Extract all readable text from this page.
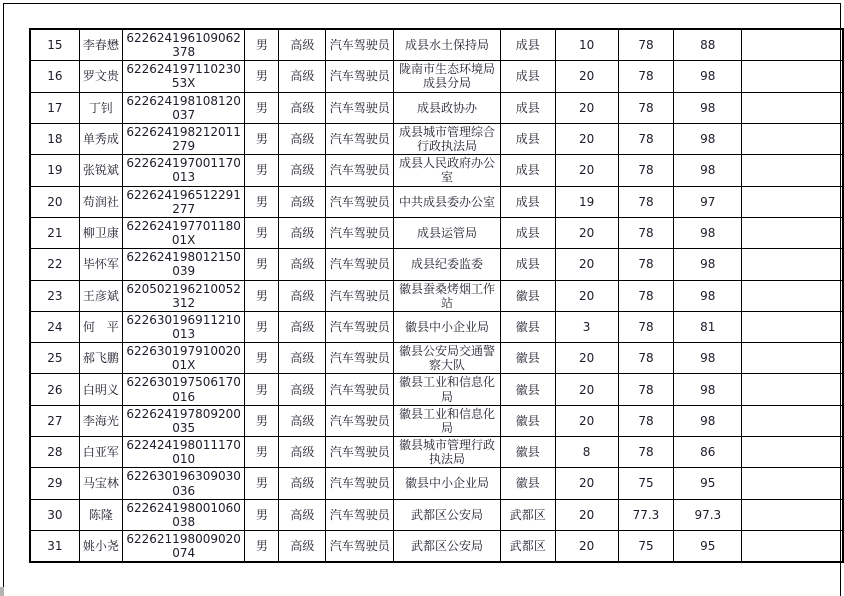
15	李春懋	622624196109062378	男	高级	汽车驾驶员	成县水土保持局	成县	10	78	88	
16	罗文贵	62262419711023053X	男	高级	汽车驾驶员	陇南市生态环境局成县分局	成县	20	78	98	
17	丁钊	622624198108120037	男	高级	汽车驾驶员	成县政协办	成县	20	78	98	
18	单秀成	622624198212011279	男	高级	汽车驾驶员	成县城市管理综合行政执法局	成县	20	78	98	
19	张锐斌	622624197001170013	男	高级	汽车驾驶员	成县人民政府办公室	成县	20	78	98	
20	苟润社	622624196512291277	男	高级	汽车驾驶员	中共成县委办公室	成县	19	78	97	
21	柳卫康	62262419770118001X	男	高级	汽车驾驶员	成县运管局	成县	20	78	98	
22	毕怀军	622624198012150039	男	高级	汽车驾驶员	成县纪委监委	成县	20	78	98	
23	王彦斌	620502196210052312	男	高级	汽车驾驶员	徽县蚕桑烤烟工作站	徽县	20	78	98	
24	何　平	622630196911210013	男	高级	汽车驾驶员	徽县中小企业局	徽县	3	78	81	
25	郝飞鹏	62263019791002001X	男	高级	汽车驾驶员	徽县公安局交通警察大队	徽县	20	78	98	
26	白明义	622630197506170016	男	高级	汽车驾驶员	徽县工业和信息化局	徽县	20	78	98	
27	李海光	622624197809200035	男	高级	汽车驾驶员	徽县工业和信息化局	徽县	20	78	98	
28	白亚军	622424198011170010	男	高级	汽车驾驶员	徽县城市管理行政执法局	徽县	8	78	86	
29	马宝林	622630196309030036	男	高级	汽车驾驶员	徽县中小企业局	徽县	20	75	95	
30	陈隆	622624198001060038	男	高级	汽车驾驶员	武都区公安局	武都区	20	77.3	97.3	
31	姚小尧	622621198009020074	男	高级	汽车驾驶员	武都区公安局	武都区	20	75	95	
